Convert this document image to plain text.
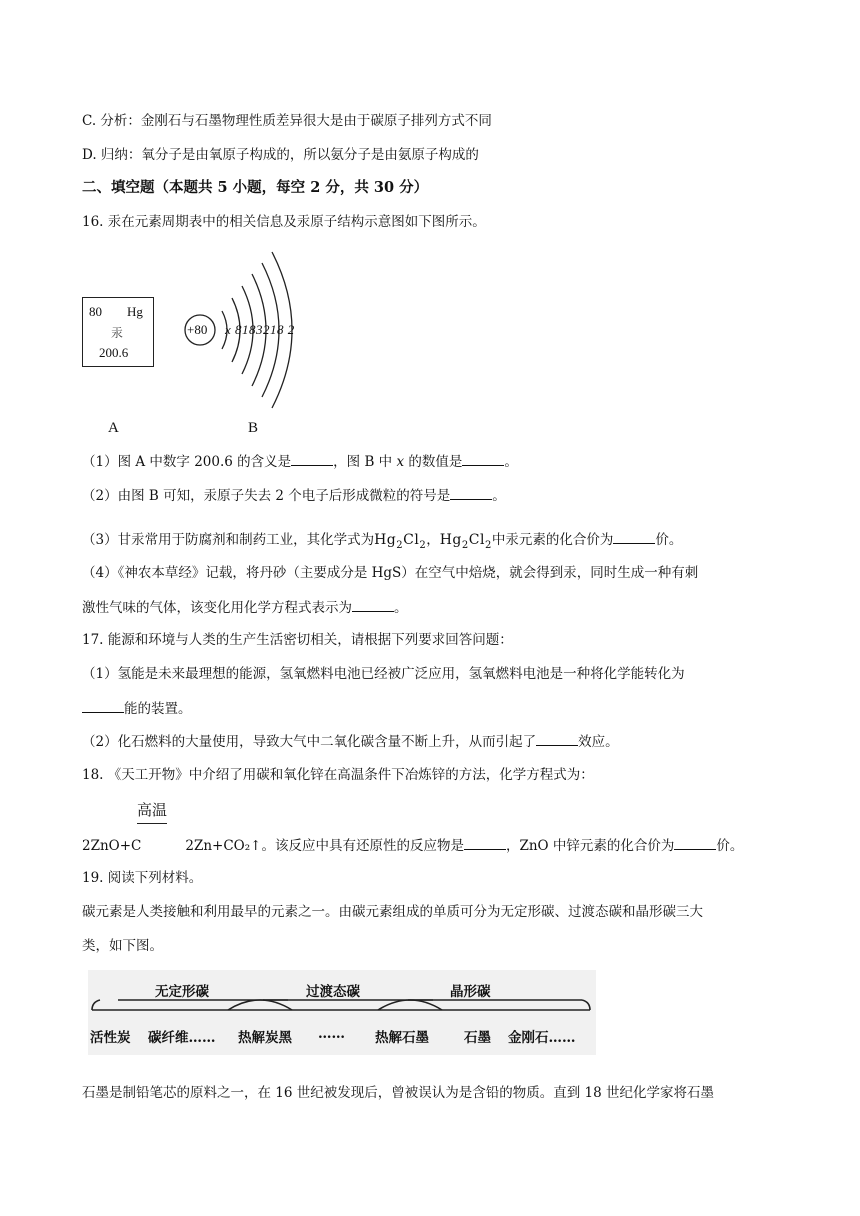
C. 分析：金刚石与石墨物理性质差异很大是由于碳原子排列方式不同
D. 归纳：氧分子是由氧原子构成的，所以氨分子是由氨原子构成的
二、填空题（本题共 5 小题，每空 2 分，共 30 分）
16. 汞在元素周期表中的相关信息及汞原子结构示意图如下图所示。
80 Hg
汞
200.6
A
+80 x 8183218 2
B
（1）图 A 中数字 200.6 的含义是	，图 B 中 x 的数值是	。
（2）由图 B 可知，汞原子失去 2 个电子后形成微粒的符号是	。
（3）甘汞常用于防腐剂和制药工业，其化学式为$Hg_2Cl_2$，$Hg_2Cl_2$中汞元素的化合价为	价。
（4）《神农本草经》记载，将丹砂（主要成分是 HgS）在空气中焙烧，就会得到汞，同时生成一种有刺
激性气味的气体，该变化用化学方程式表示为	。
17. 能源和环境与人类的生产生活密切相关，请根据下列要求回答问题：
（1）氢能是未来最理想的能源，氢氧燃料电池已经被广泛应用，氢氧燃料电池是一种将化学能转化为
能的装置。
（2）化石燃料的大量使用，导致大气中二氧化碳含量不断上升，从而引起了	效应。
18. 《天工开物》中介绍了用碳和氧化锌在高温条件下冶炼锌的方法，化学方程式为：
高温
2ZnO+C	2Zn+CO₂↑。该反应中具有还原性的反应物是	，ZnO 中锌元素的化合价为	价。
19. 阅读下列材料。
碳元素是人类接触和利用最早的元素之一。由碳元素组成的单质可分为无定形碳、过渡态碳和晶形碳三大
类，如下图。
无定形碳	过渡态碳	晶形碳
活性炭 碳纤维…… 热解炭黑 …… 热解石墨	石墨 金刚石……
石墨是制铅笔芯的原料之一，在 16 世纪被发现后，曾被误认为是含铅的物质。直到 18 世纪化学家将石墨
